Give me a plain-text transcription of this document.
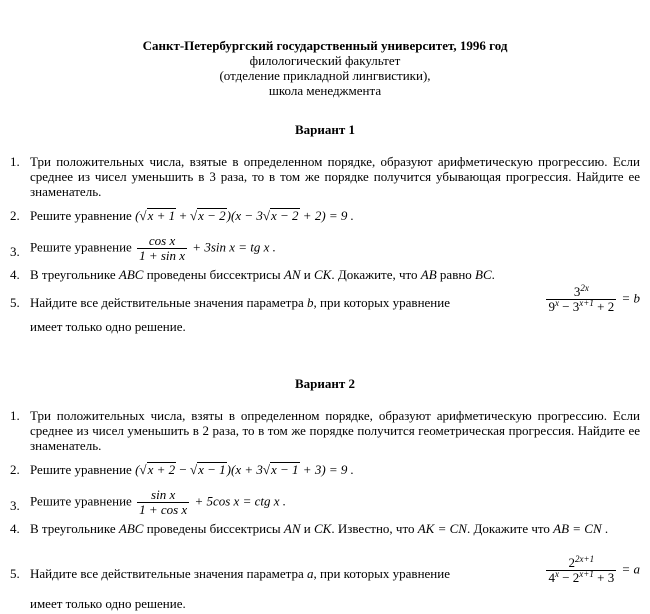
Санкт-Петербургский государственный университет, 1996 год
филологический факультет
(отделение прикладной лингвистики),
школа менеджмента
Вариант 1
1. Три положительных числа, взятые в определенном порядке, образуют арифметическую прогрессию. Если среднее из чисел уменьшить в 3 раза, то в том же порядке получится убывающая прогрессия. Найдите ее знаменатель.
2. Решите уравнение (√x + 1 + √x − 2)(x − 3√x − 2 + 2) = 9 .
3. Решите уравнение $\frac{\text{cos x}}{\text{1 + sin x}} + 3\sin$ x = tg x .
4. В треугольнике ABC проведены биссектрисы AN и CK. Докажите, что AB равно BC.
5. Найдите все действительные значения параметра b, при которых уравнение	$\frac{3^{2x}}{9^x - 3^{x+1} + 2} = b$
имеет только одно решение.
Вариант 2
1. Три положительных числа, взяты в определенном порядке, образуют арифметическую прогрессию. Если среднее из чисел уменьшить в 2 раза, то в том же порядке получится геометрическая прогрессия. Найдите ее знаменатель.
2. Решите уравнение (√x + 2 − √x − 1)(x + 3√x − 1 + 3) = 9 .
3. Решите уравнение $\frac{\text{sin x}}{\text{1 + cos x}} + 5\cos$ x = ctg x .
4. В треугольнике ABC проведены биссектрисы AN и CK. Известно, что AK = CN. Докажите что AB = CN .
5. Найдите все действительные значения параметра a, при которых уравнение	$\frac{2^{2x+1}}{4^x - 2^{x+1} + 3} = a$
имеет только одно решение.
